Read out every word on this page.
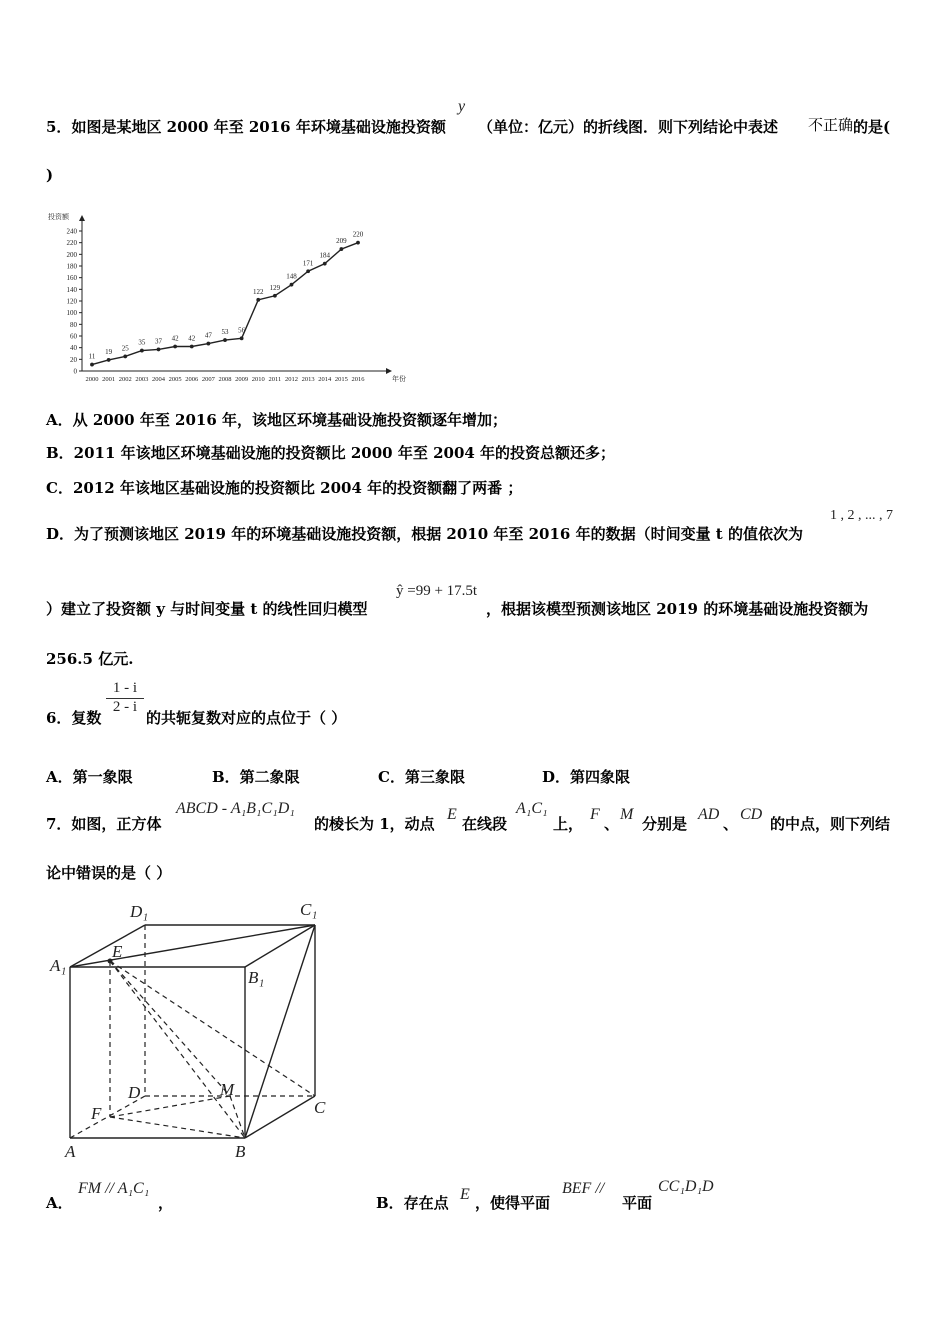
5．如图是某地区 2000 年至 2016 年环境基础设施投资额
y
（单位：亿元）的折线图．则下列结论中表述 不正确 的是(
)
投资额
年份
0
20
40
60
80
100
120
140
160
180
200
220
240
2000 2001 2002 2003 2004 2005 2006 2007 2008 2009 2010 2011 2012 2013 2014 2015 2016
11
19 25
35 37 42 42 47 53 56
122
129
148
171
184
209
220
A．从 2000 年至 2016 年，该地区环境基础设施投资额逐年增加；
B．2011 年该地区环境基础设施的投资额比 2000 年至 2004 年的投资总额还多；
C．2012 年该地区基础设施的投资额比 2004 年的投资额翻了两番 ；
D．为了预测该地区 2019 年的环境基础设施投资额，根据 2010 年至 2016 年的数据（时间变量 t 的值依次为
1 , 2 , ... , 7
）建立了投资额 y 与时间变量 t 的线性回归模型
ŷ =99 + 17.5t
，根据该模型预测该地区 2019 的环境基础设施投资额为
256.5 亿元.
6．复数
$\frac{1 - i}{2 - i}$
的共轭复数对应的点位于（ ）
A．第一象限	B．第二象限	C．第三象限	D．第四象限
7．如图，正方体
ABCD - A₁B₁C₁D₁
的棱长为 1，动点
E
在线段
A₁C₁
上，
F
、
M
分别是
AD
、
CD
的中点，则下列结
论中错误的是（ ）
D₁	C₁
A₁
B₁
E
D	M
F	C
A	B
A．
FM // A₁C₁
，	B．存在点 E ，使得平面
BEF //
平面
CC₁D₁D
